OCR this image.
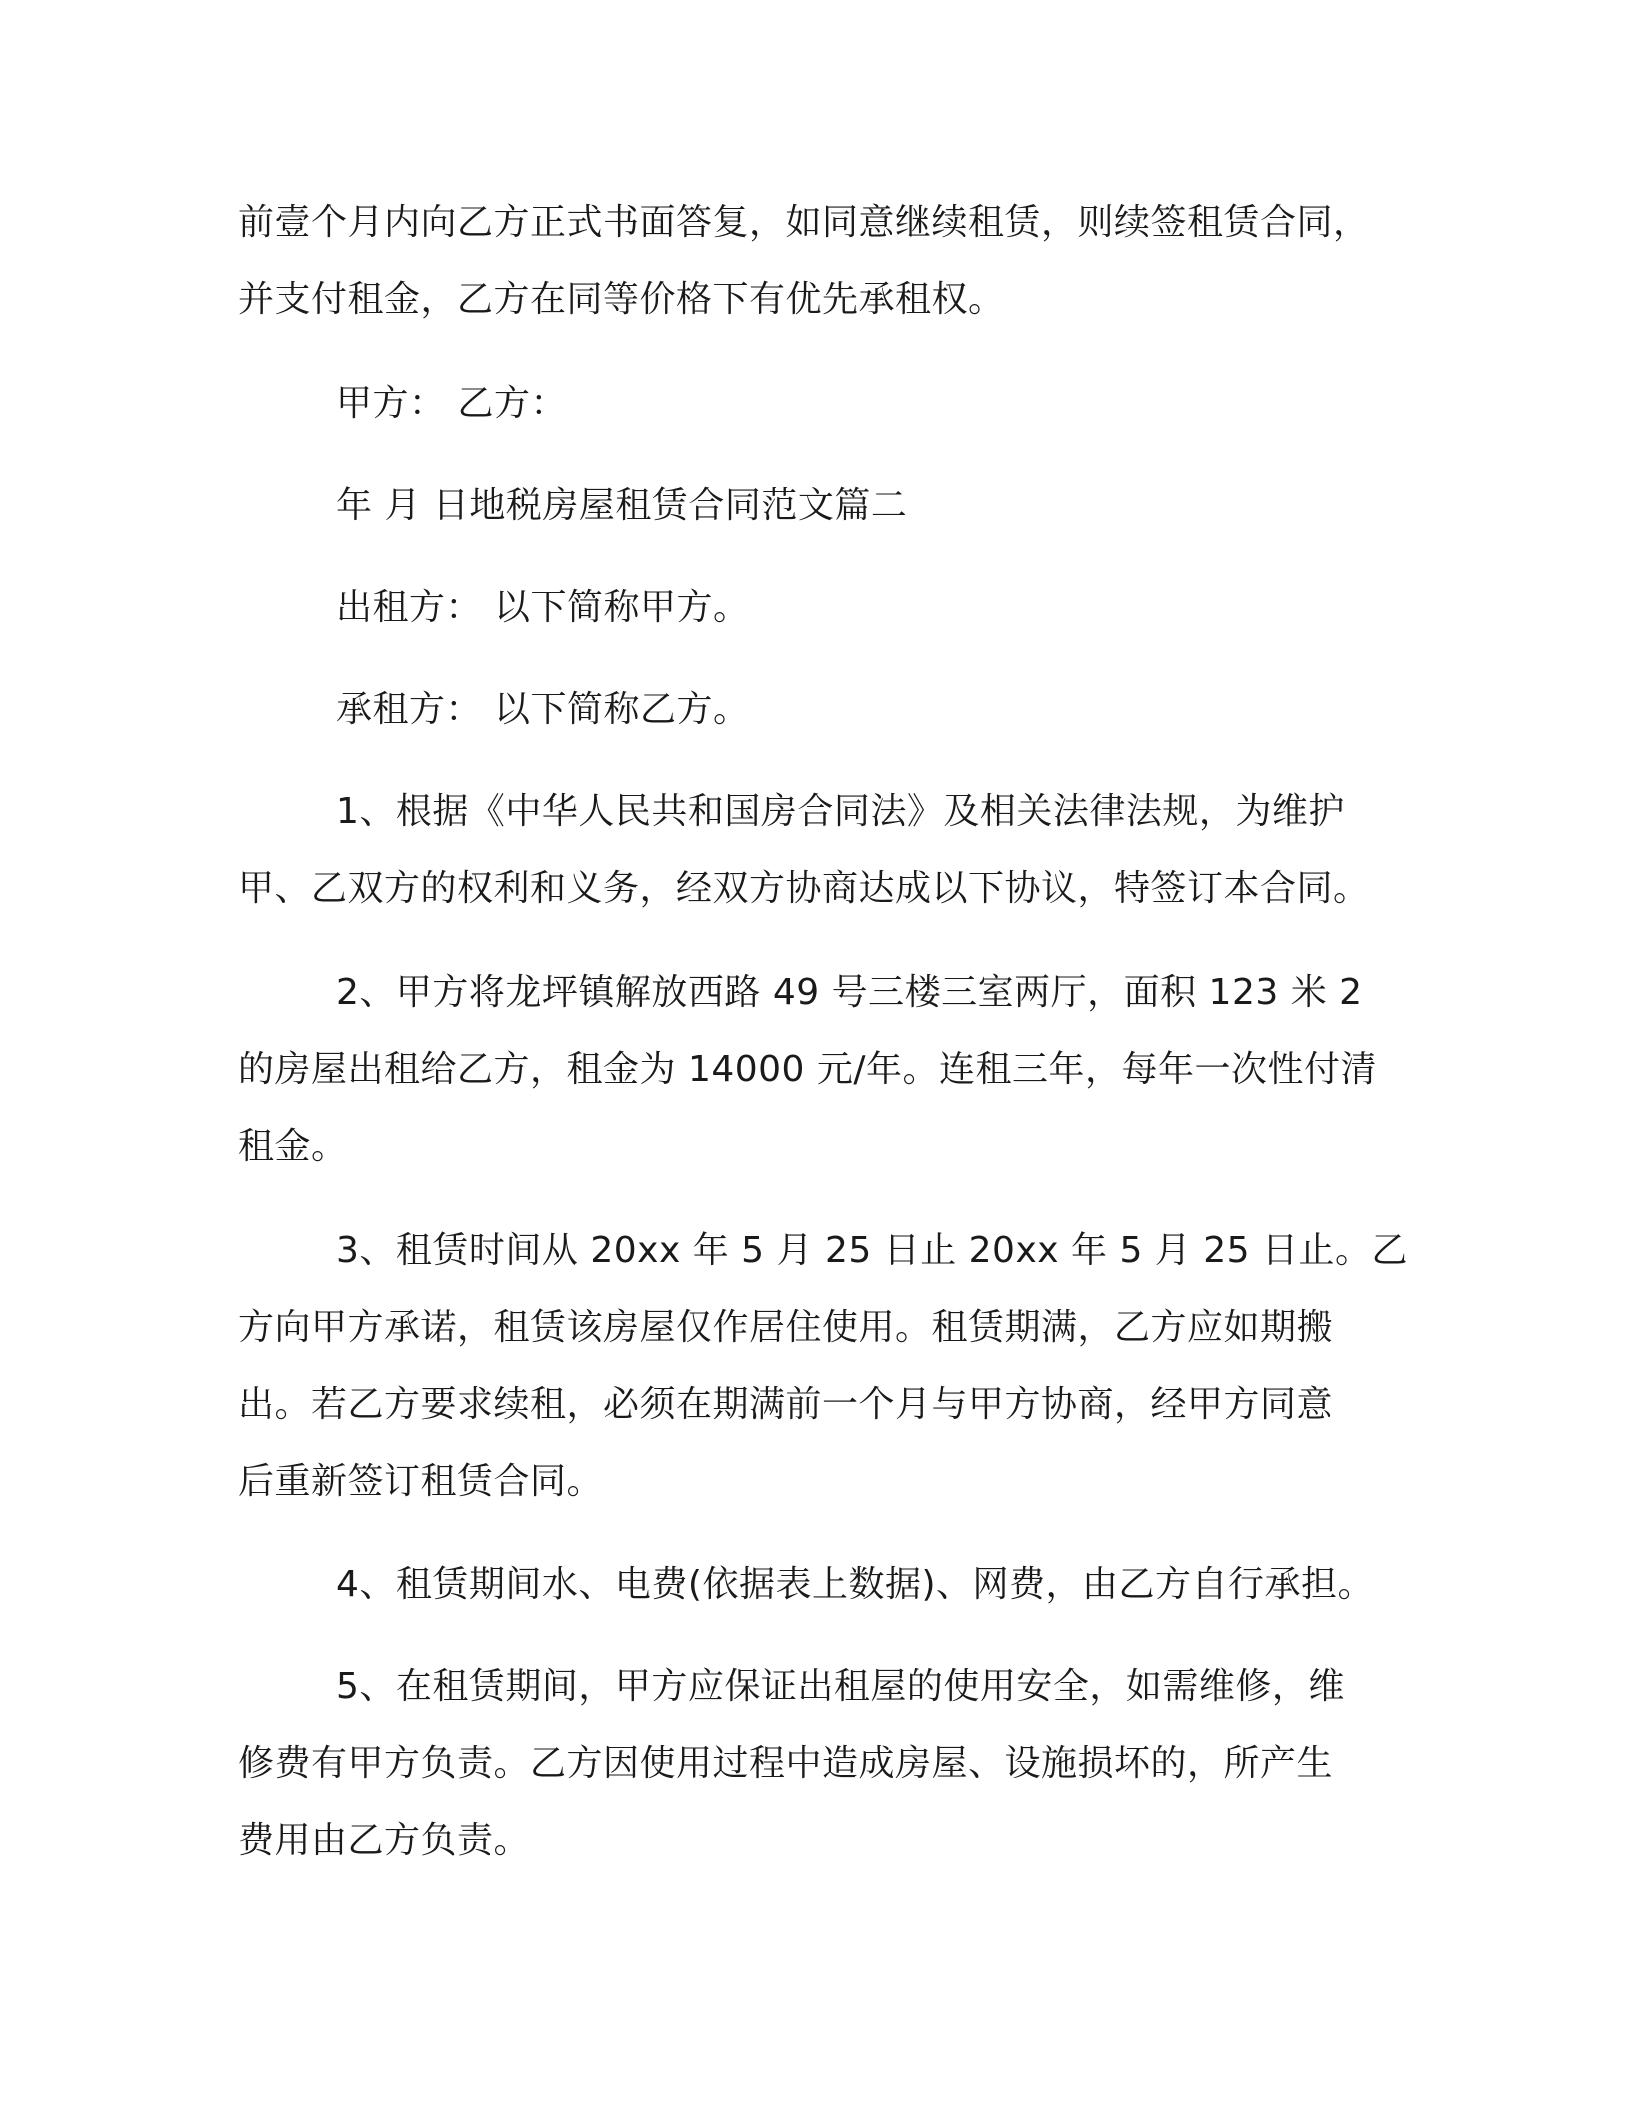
前壹个月内向乙方正式书面答复，如同意继续租赁，则续签租赁合同，
并支付租金，乙方在同等价格下有优先承租权。
甲方： 乙方：
年 月 日地税房屋租赁合同范文篇二
出租方： 以下简称甲方。
承租方： 以下简称乙方。
1、根据《中华人民共和国房合同法》及相关法律法规，为维护
甲、乙双方的权利和义务，经双方协商达成以下协议，特签订本合同。
2、甲方将龙坪镇解放西路 49 号三楼三室两厅，面积 123 米 2
的房屋出租给乙方，租金为 14000 元/年。连租三年，每年一次性付清
租金。
3、租赁时间从 20xx 年 5 月 25 日止 20xx 年 5 月 25 日止。乙
方向甲方承诺，租赁该房屋仅作居住使用。租赁期满，乙方应如期搬
出。若乙方要求续租，必须在期满前一个月与甲方协商，经甲方同意
后重新签订租赁合同。
4、租赁期间水、电费(依据表上数据)、网费，由乙方自行承担。
5、在租赁期间，甲方应保证出租屋的使用安全，如需维修，维
修费有甲方负责。乙方因使用过程中造成房屋、设施损坏的，所产生
费用由乙方负责。
